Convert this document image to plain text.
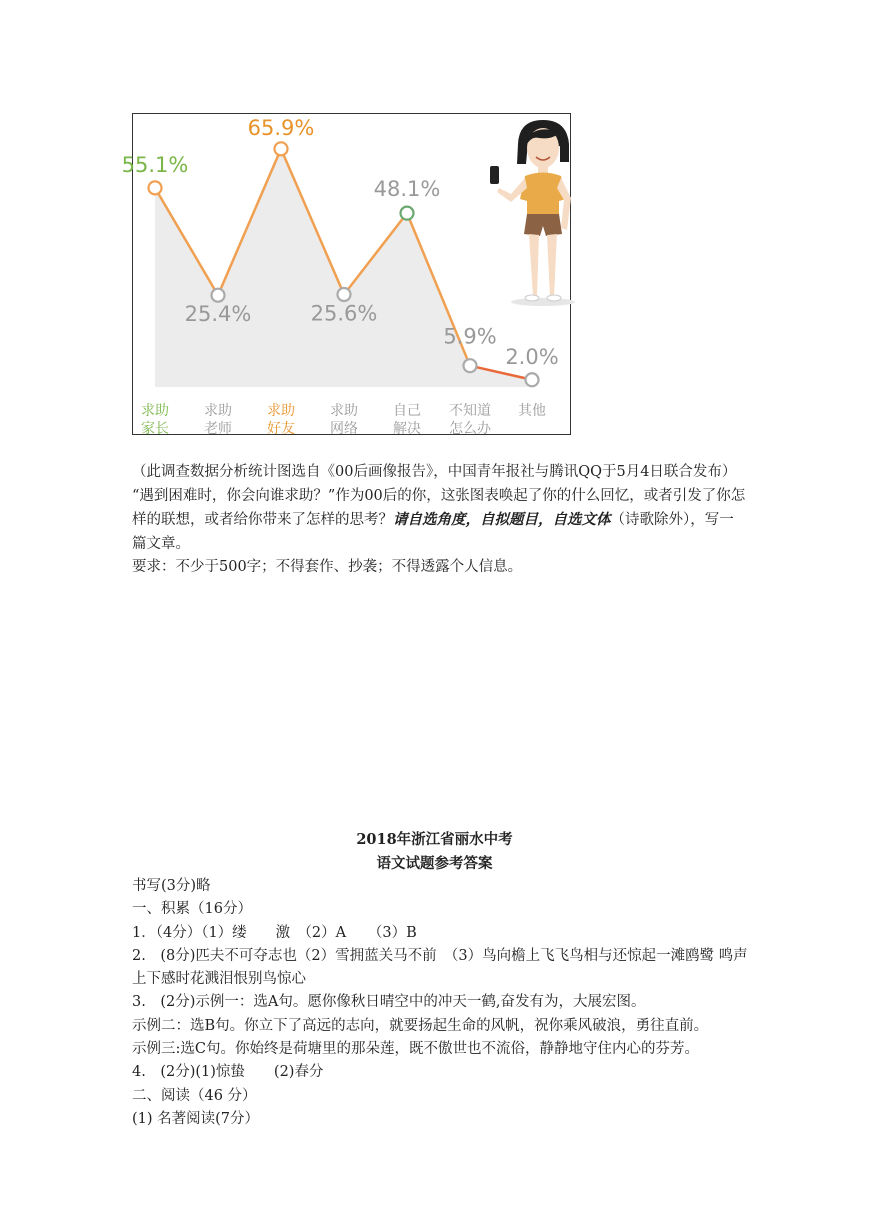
55.1%
25.4%
65.9%
25.6%
48.1%
5.9%
2.0%
求助
家长
求助
老师
求助
好友
求助
网络
自己
解决
不知道
怎么办
其他

（此调查数据分析统计图选自《00后画像报告》，中国青年报社与腾讯QQ于5月4日联合发布）

“遇到困难时，你会向谁求助？”作为00后的你，这张图表唤起了你的什么回忆，或者引发了你怎样的联想，或者给你带来了怎样的思考？请自选角度，自拟题目，自选文体（诗歌除外），写一篇文章。

要求：不少于500字；不得套作、抄袭；不得透露个人信息。

2018年浙江省丽水中考
语文试题参考答案

书写(3分)略

一、积累（16分）

1．（4分）（1）缕　　激　（2）A　　（3）B

2.　(8分)匹夫不可夺志也（2）雪拥蓝关马不前　（3）鸟向檐上飞飞鸟相与还惊起一滩鸥鹭 鸣声上下感时花溅泪恨别鸟惊心

3.　(2分)示例一：选A句。愿你像秋日晴空中的冲天一鹤,奋发有为，大展宏图。

示例二：选B句。你立下了高远的志向，就要扬起生命的风帆，祝你乘风破浪，勇往直前。

示例三:选C句。你始终是荷塘里的那朵莲，既不傲世也不流俗，静静地守住内心的芬芳。

4.　(2分)(1)惊蛰　　(2)春分

二、阅读（46 分）

(1) 名著阅读(7分）
